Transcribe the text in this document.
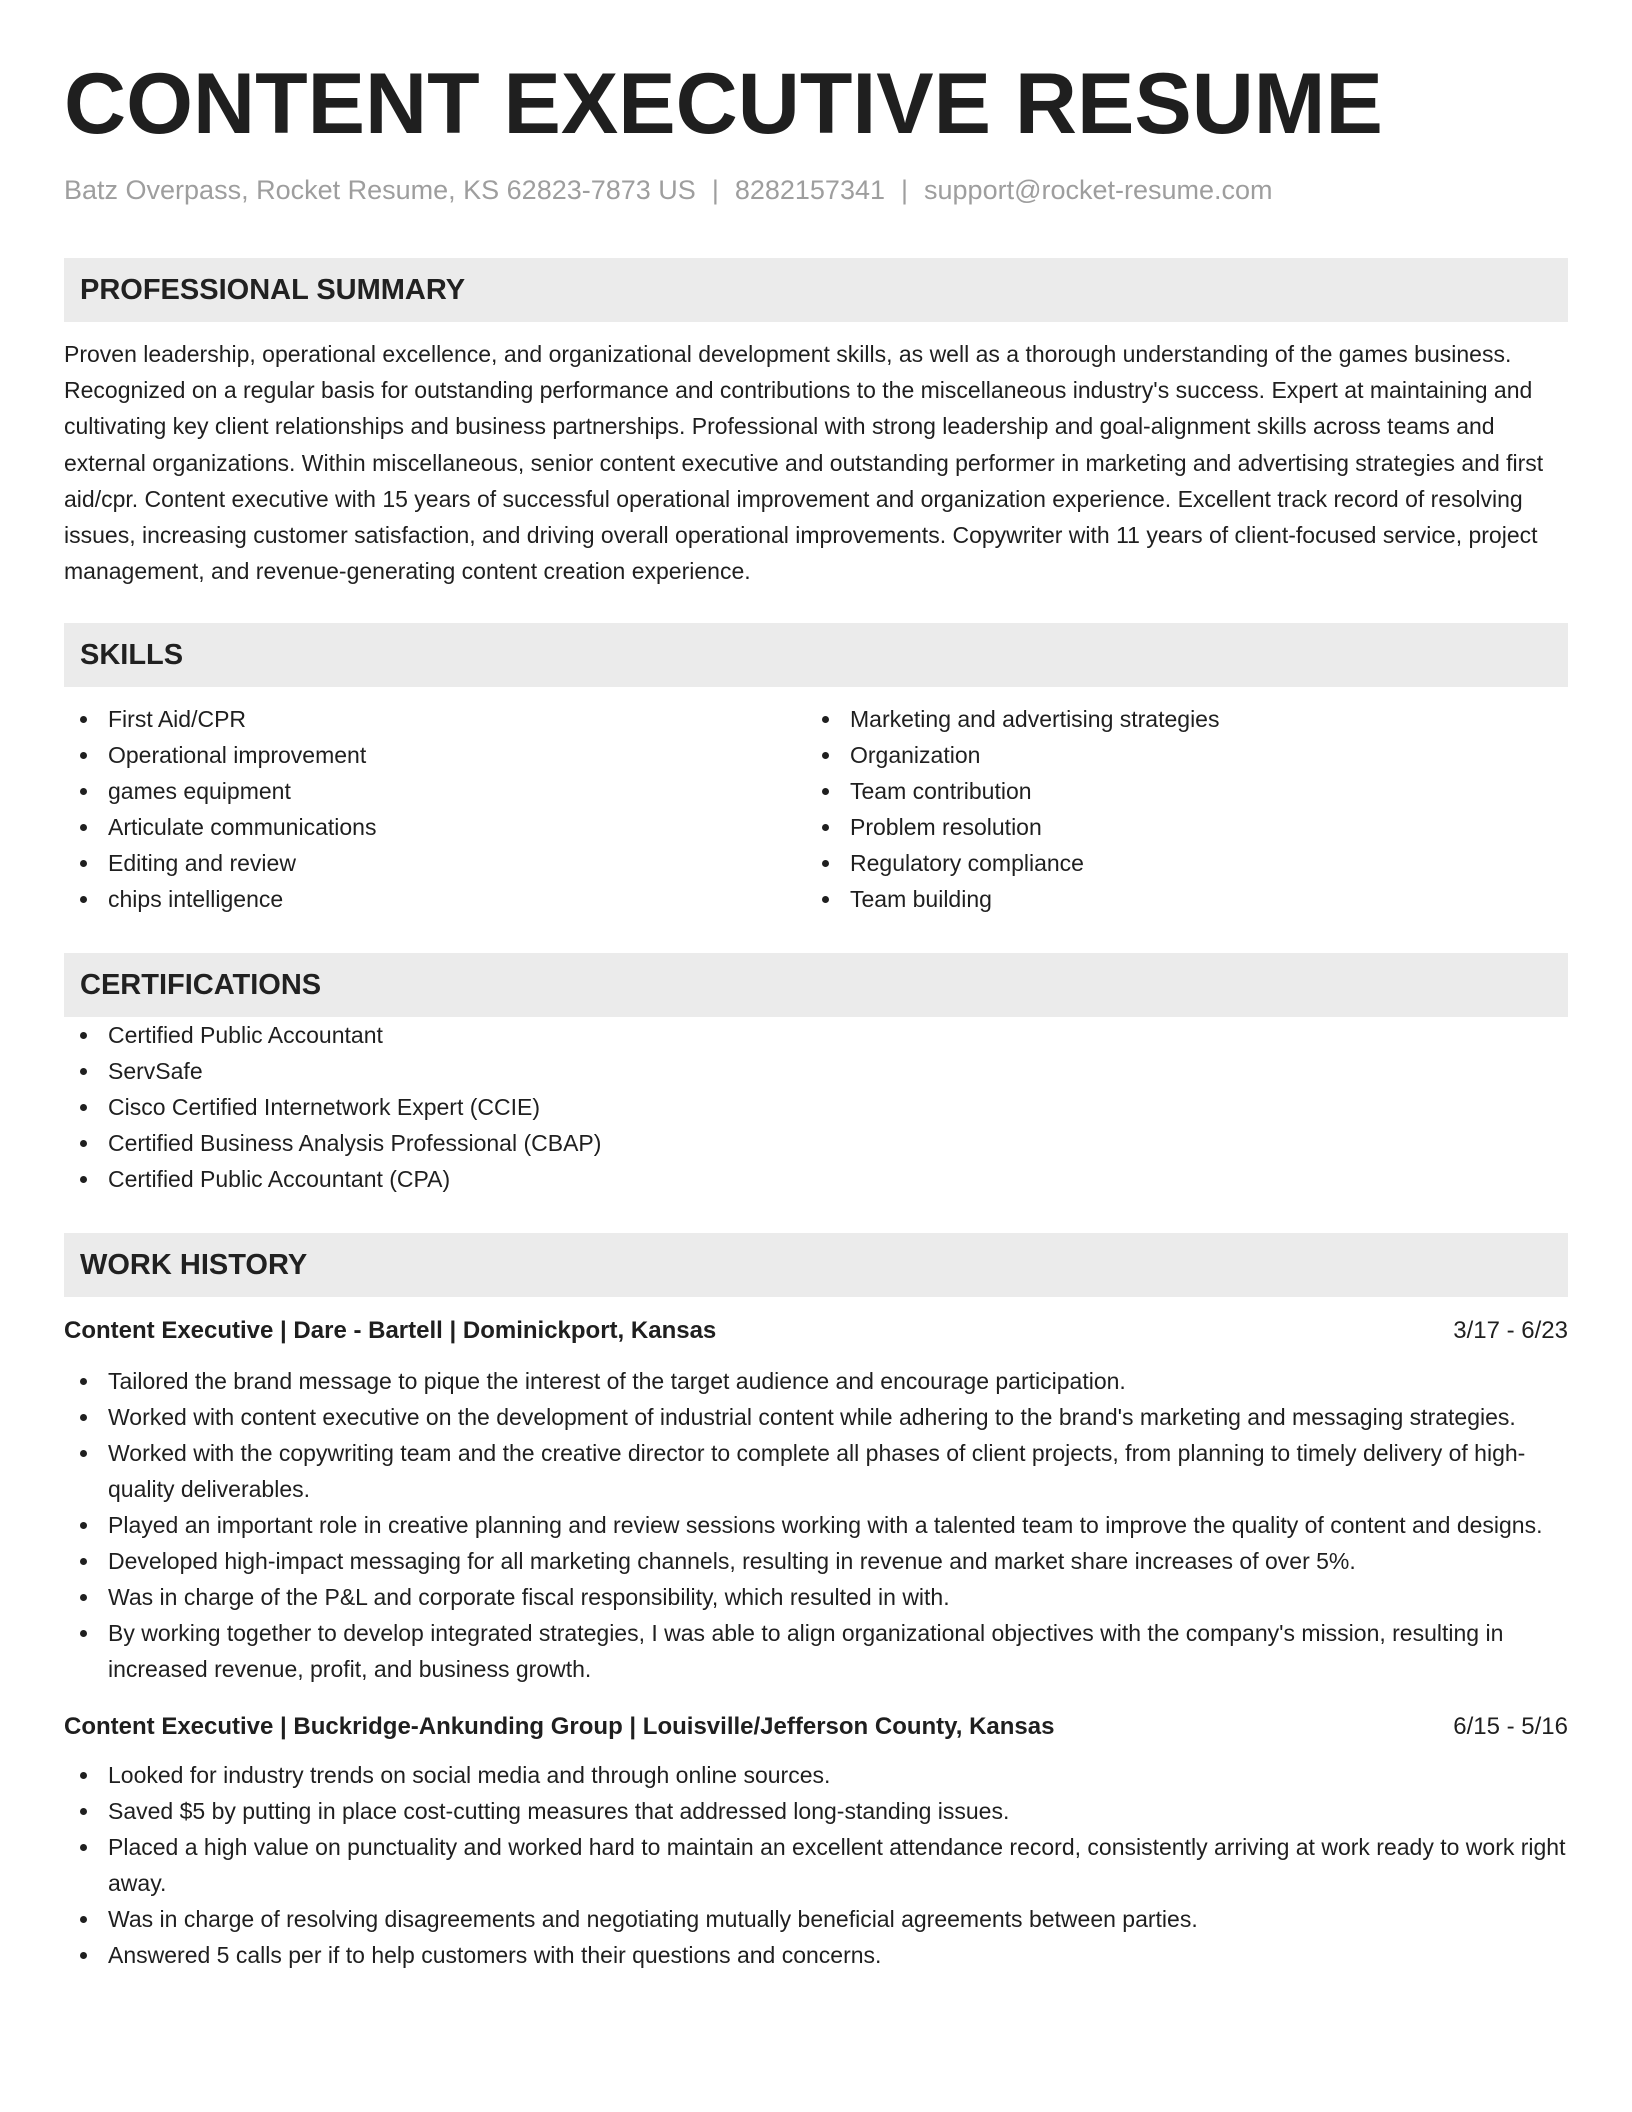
CONTENT EXECUTIVE RESUME
Batz Overpass, Rocket Resume, KS 62823-7873 US | 8282157341 | support@rocket-resume.com
PROFESSIONAL SUMMARY
Proven leadership, operational excellence, and organizational development skills, as well as a thorough understanding of the games business. Recognized on a regular basis for outstanding performance and contributions to the miscellaneous industry's success. Expert at maintaining and cultivating key client relationships and business partnerships. Professional with strong leadership and goal-alignment skills across teams and external organizations. Within miscellaneous, senior content executive and outstanding performer in marketing and advertising strategies and first aid/cpr. Content executive with 15 years of successful operational improvement and organization experience. Excellent track record of resolving issues, increasing customer satisfaction, and driving overall operational improvements. Copywriter with 11 years of client-focused service, project management, and revenue-generating content creation experience.
SKILLS
First Aid/CPR
Operational improvement
games equipment
Articulate communications
Editing and review
chips intelligence
Marketing and advertising strategies
Organization
Team contribution
Problem resolution
Regulatory compliance
Team building
CERTIFICATIONS
Certified Public Accountant
ServSafe
Cisco Certified Internetwork Expert (CCIE)
Certified Business Analysis Professional (CBAP)
Certified Public Accountant (CPA)
WORK HISTORY
Content Executive | Dare - Bartell | Dominickport, Kansas	3/17 - 6/23
Tailored the brand message to pique the interest of the target audience and encourage participation.
Worked with content executive on the development of industrial content while adhering to the brand's marketing and messaging strategies.
Worked with the copywriting team and the creative director to complete all phases of client projects, from planning to timely delivery of high-quality deliverables.
Played an important role in creative planning and review sessions working with a talented team to improve the quality of content and designs.
Developed high-impact messaging for all marketing channels, resulting in revenue and market share increases of over 5%.
Was in charge of the P&L and corporate fiscal responsibility, which resulted in with.
By working together to develop integrated strategies, I was able to align organizational objectives with the company's mission, resulting in increased revenue, profit, and business growth.
Content Executive | Buckridge-Ankunding Group | Louisville/Jefferson County, Kansas	6/15 - 5/16
Looked for industry trends on social media and through online sources.
Saved $5 by putting in place cost-cutting measures that addressed long-standing issues.
Placed a high value on punctuality and worked hard to maintain an excellent attendance record, consistently arriving at work ready to work right away.
Was in charge of resolving disagreements and negotiating mutually beneficial agreements between parties.
Answered 5 calls per if to help customers with their questions and concerns.
